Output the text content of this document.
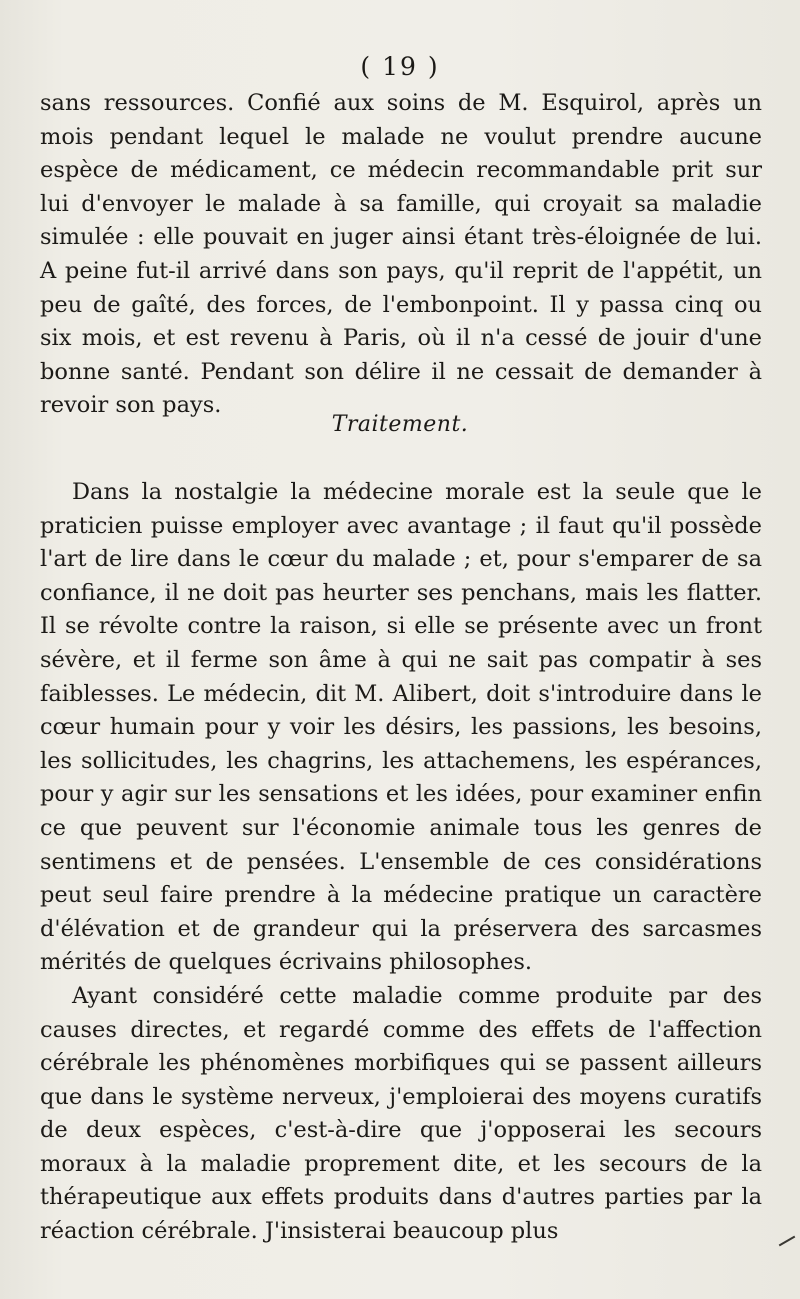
( 19 )

sans ressources. Confié aux soins de M. Esquirol, après un mois pendant lequel le malade ne voulut prendre aucune espèce de médicament, ce médecin recommandable prit sur lui d'envoyer le malade à sa famille, qui croyait sa maladie simulée : elle pouvait en juger ainsi étant très-éloignée de lui. A peine fut-il arrivé dans son pays, qu'il reprit de l'appétit, un peu de gaîté, des forces, de l'embonpoint. Il y passa cinq ou six mois, et est revenu à Paris, où il n'a cessé de jouir d'une bonne santé. Pendant son délire il ne cessait de demander à revoir son pays.

Traitement.

Dans la nostalgie la médecine morale est la seule que le praticien puisse employer avec avantage ; il faut qu'il possède l'art de lire dans le cœur du malade ; et, pour s'emparer de sa confiance, il ne doit pas heurter ses penchans, mais les flatter. Il se révolte contre la raison, si elle se présente avec un front sévère, et il ferme son âme à qui ne sait pas compatir à ses faiblesses. Le médecin, dit M. Alibert, doit s'introduire dans le cœur humain pour y voir les désirs, les passions, les besoins, les sollicitudes, les chagrins, les attachemens, les espérances, pour y agir sur les sensations et les idées, pour examiner enfin ce que peuvent sur l'économie animale tous les genres de sentimens et de pensées. L'ensemble de ces considérations peut seul faire prendre à la médecine pratique un caractère d'élévation et de grandeur qui la préservera des sarcasmes mérités de quelques écrivains philosophes.

Ayant considéré cette maladie comme produite par des causes directes, et regardé comme des effets de l'affection cérébrale les phénomènes morbifiques qui se passent ailleurs que dans le système nerveux, j'emploierai des moyens curatifs de deux espèces, c'est-à-dire que j'opposerai les secours moraux à la maladie proprement dite, et les secours de la thérapeutique aux effets produits dans d'autres parties par la réaction cérébrale. J'insisterai beaucoup plus
